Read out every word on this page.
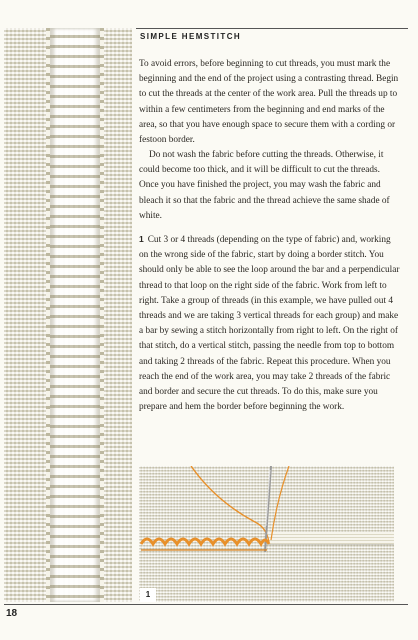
SIMPLE HEMSTITCH

To avoid errors, before beginning to cut threads, you must mark the beginning and the end of the project using a contrasting thread. Begin to cut the threads at the center of the work area. Pull the threads up to within a few centimeters from the beginning and end marks of the area, so that you have enough space to secure them with a cording or festoon border.

Do not wash the fabric before cutting the threads. Otherwise, it could become too thick, and it will be difficult to cut the threads. Once you have finished the project, you may wash the fabric and bleach it so that the fabric and the thread achieve the same shade of white.

1 Cut 3 or 4 threads (depending on the type of fabric) and, working on the wrong side of the fabric, start by doing a border stitch. You should only be able to see the loop around the bar and a perpendicular thread to that loop on the right side of the fabric. Work from left to right. Take a group of threads (in this example, we have pulled out 4 threads and we are taking 3 vertical threads for each group) and make a bar by sewing a stitch horizontally from right to left. On the right of that stitch, do a vertical stitch, passing the needle from top to bottom and taking 2 threads of the fabric. Repeat this procedure. When you reach the end of the work area, you may take 2 threads of the fabric and border and secure the cut threads. To do this, make sure you prepare and hem the border before beginning the work.

1
18
